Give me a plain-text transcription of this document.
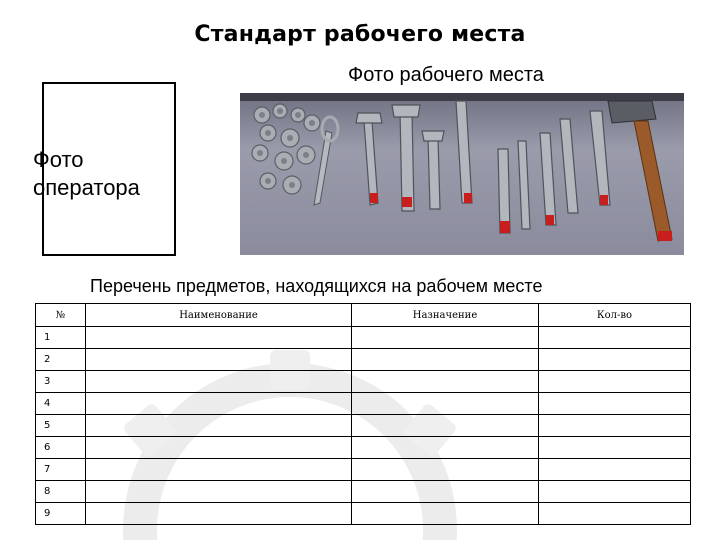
Стандарт рабочего места
Фото рабочего места
Фото
оператора
Перечень предметов, находящихся на рабочем месте
№	Наименование	Назначение	Кол-во
1			
2			
3			
4			
5			
6			
7			
8			
9			
